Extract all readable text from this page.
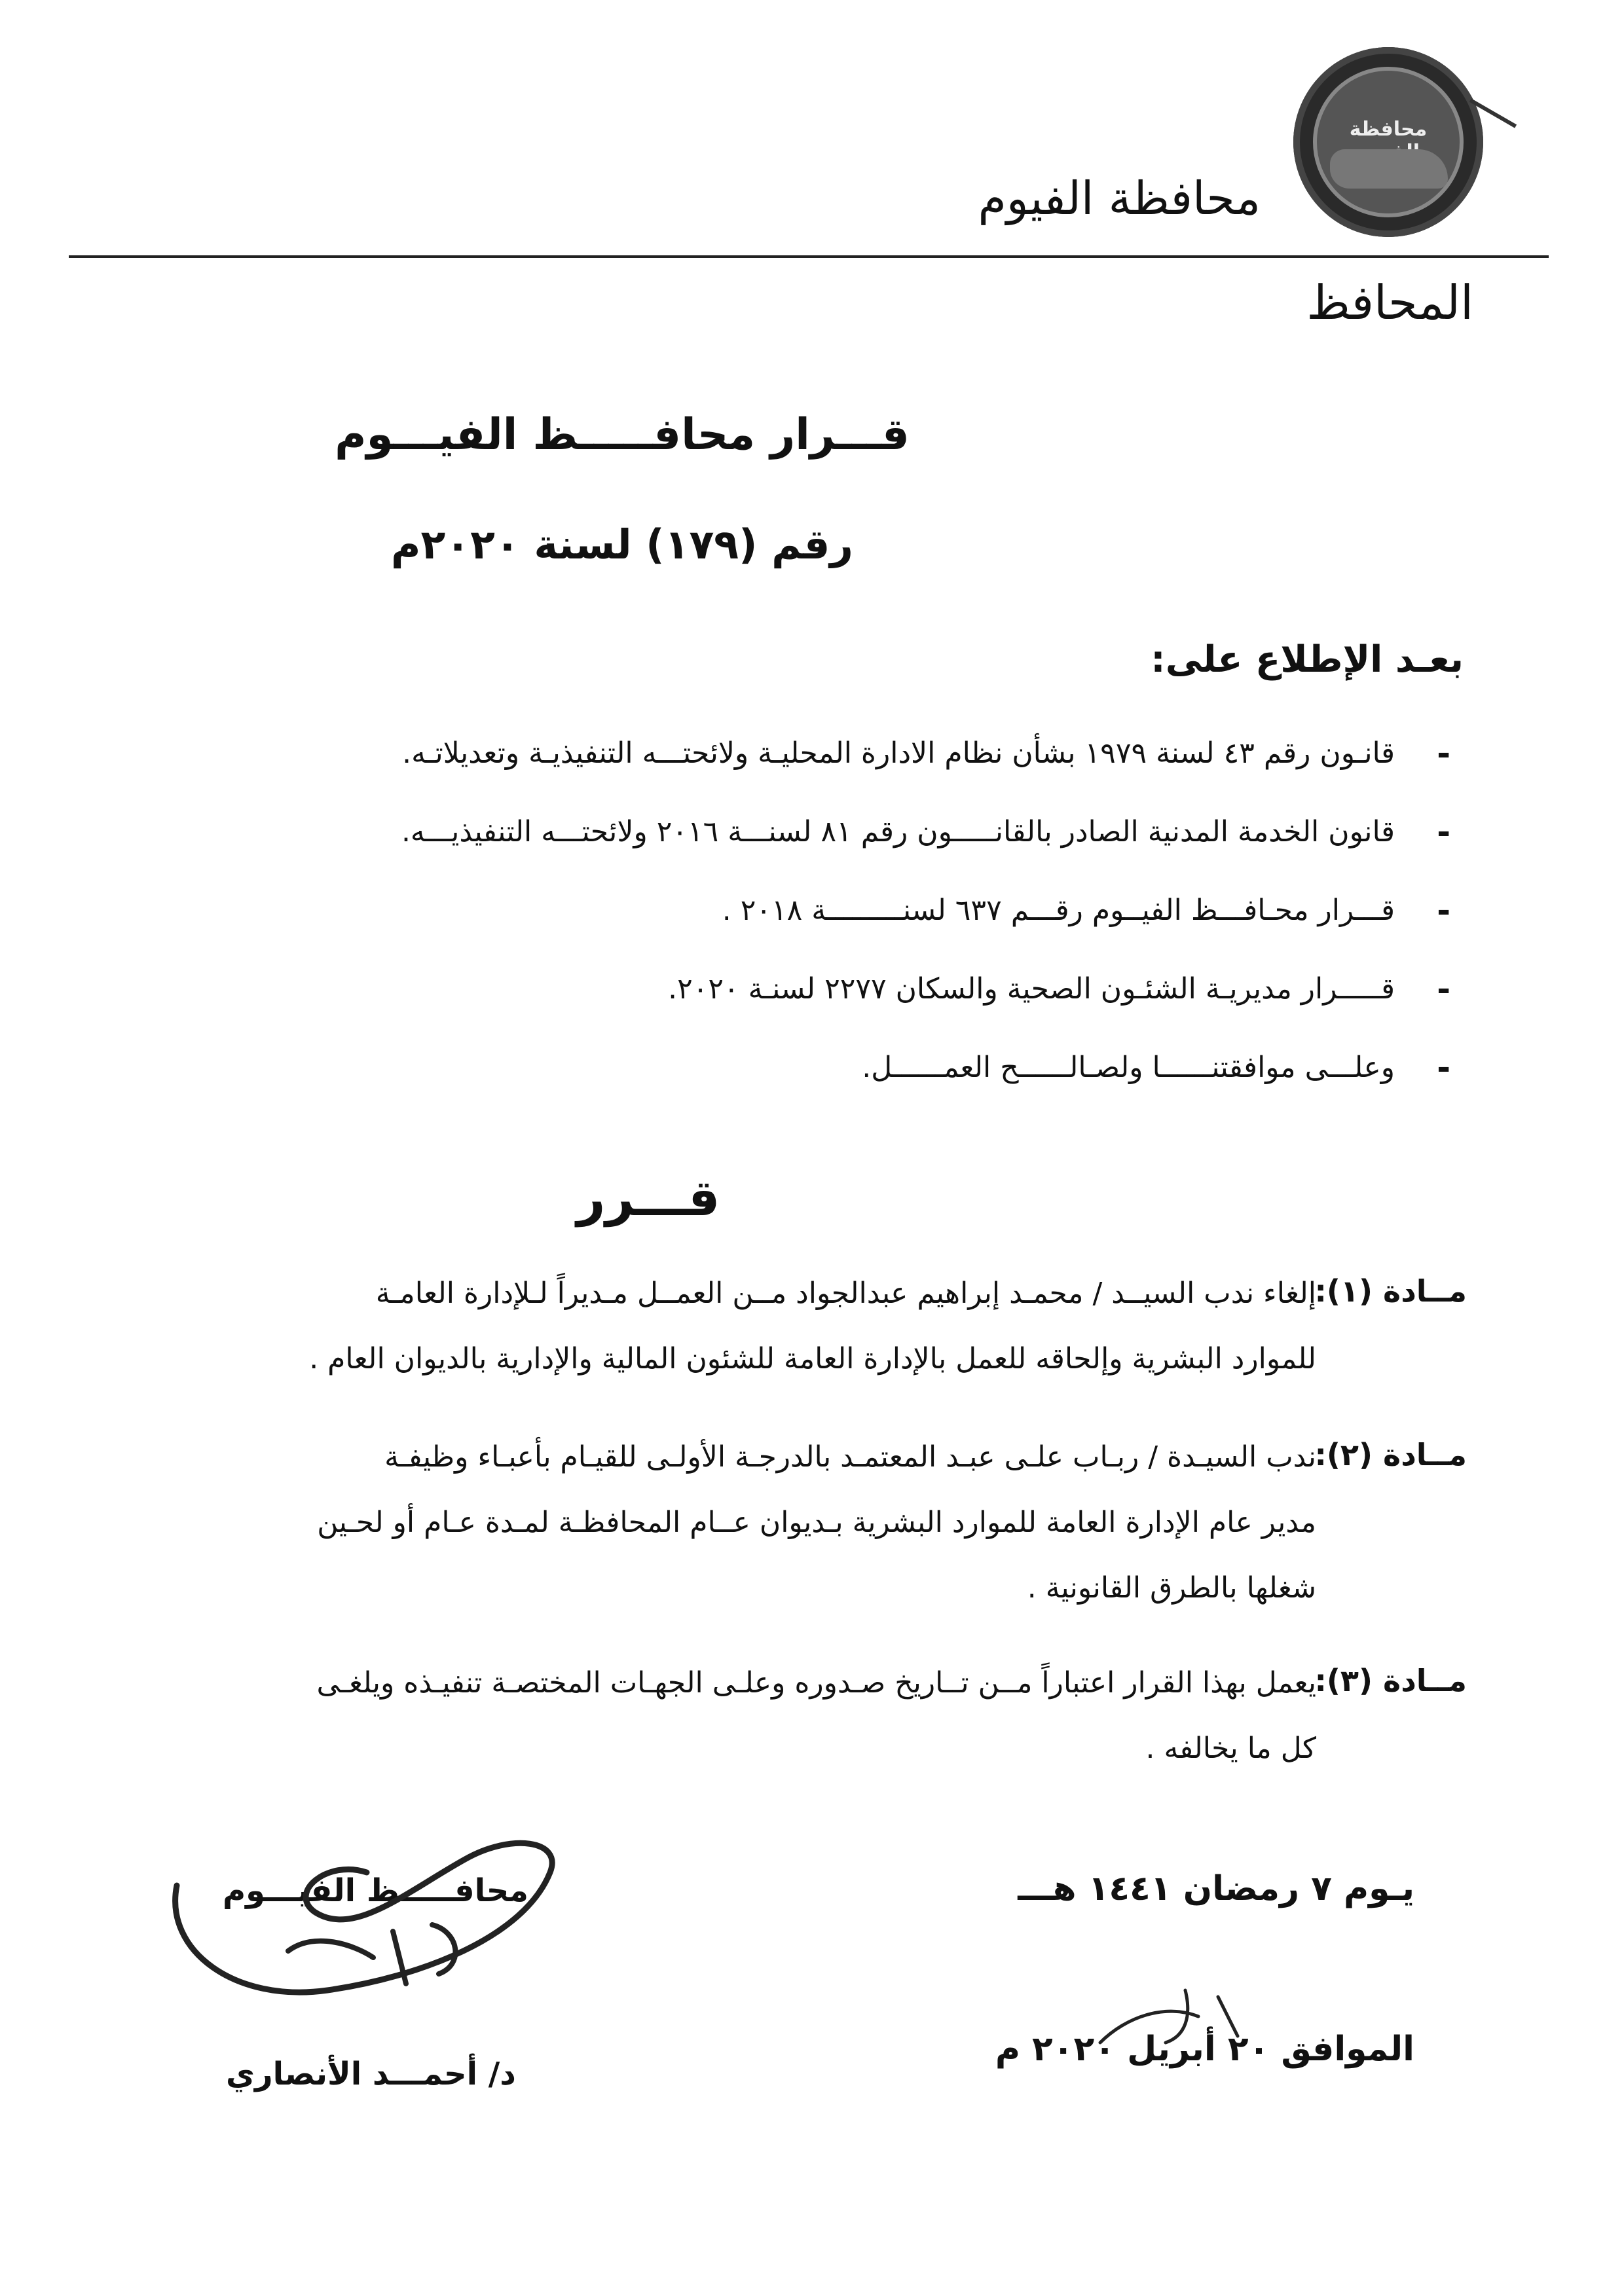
محافظة
محافظة الفيوم
المحافظ
قـــرار محافـــــظ الفيـــوم
رقم (١٧٩) لسنة ٢٠٢٠م
بعـد الإطلاع على:
-
قانـون رقم ٤٣ لسنة ١٩٧٩ بشأن نظام الادارة المحليـة ولائحتـــه التنفيذيـة وتعديلاتـه.
-
قانون الخدمة المدنية الصادر بالقانـــــون رقم ٨١ لسنـــة ٢٠١٦ ولائحتـــه التنفيذيـــه.
-
قـــرار محـافـــظ الفيــوم رقـــم ٦٣٧ لسنـــــــــة ٢٠١٨ .
-
قـــــرار مديريـة الشئـون الصحية والسكان ٢٢٧٧ لسنـة ٢٠٢٠.
-
وعلـــى موافقتنــــــا ولصـالــــــح العمــــــل.
قـــرر
مــادة (١):
إلغاء ندب السيــد / محمـد إبراهيم عبدالجواد مــن العمــل مـديراً لـلإدارة العامـة
للموارد البشرية وإلحاقه للعمل بالإدارة العامة للشئون المالية والإدارية بالديوان العام .
مــادة (٢):
ندب السيـدة / ربـاب علـى عبـد المعتمـد بالدرجـة الأولـى للقيـام بأعبـاء وظيفـة
مدير عام الإدارة العامة للموارد البشرية بـديوان عــام المحافظـة لمـدة عـام أو لحـين
شغلها بالطرق القانونية .
مــادة (٣):
يعمل بهذا القرار اعتباراً مــن تــاريخ صـدوره وعلـى الجهـات المختصـة تنفيـذه ويلغـى
كل ما يخالفه .
محافـــــظ الفيـــوم
د/ أحمـــد الأنصاري
يـوم ٧ رمضان ١٤٤١ هـــ
الموافق ٢٠ أبريل ٢٠٢٠ م
